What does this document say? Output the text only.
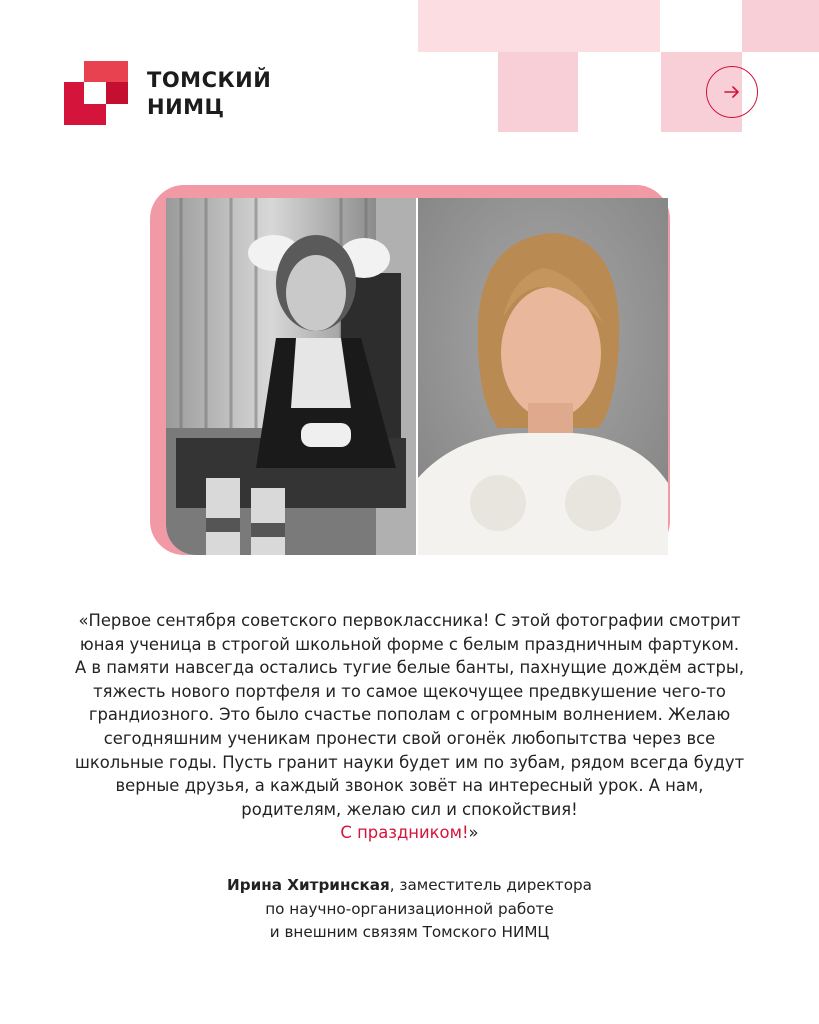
ТОМСКИЙ
НИМЦ
«Первое сентября советского первоклассника! С этой фотографии смотрит
юная ученица в строгой школьной форме с белым праздничным фартуком.
А в памяти навсегда остались тугие белые банты, пахнущие дождём астры,
тяжесть нового портфеля и то самое щекочущее предвкушение чего-то
грандиозного. Это было счастье пополам с огромным волнением. Желаю
сегодняшним ученикам пронести свой огонёк любопытства через все
школьные годы. Пусть гранит науки будет им по зубам, рядом всегда будут
верные друзья, а каждый звонок зовёт на интересный урок. А нам,
родителям, желаю сил и спокойствия!
С праздником!»
Ирина Хитринская, заместитель директора
по научно-организационной работе
и внешним связям Томского НИМЦ
